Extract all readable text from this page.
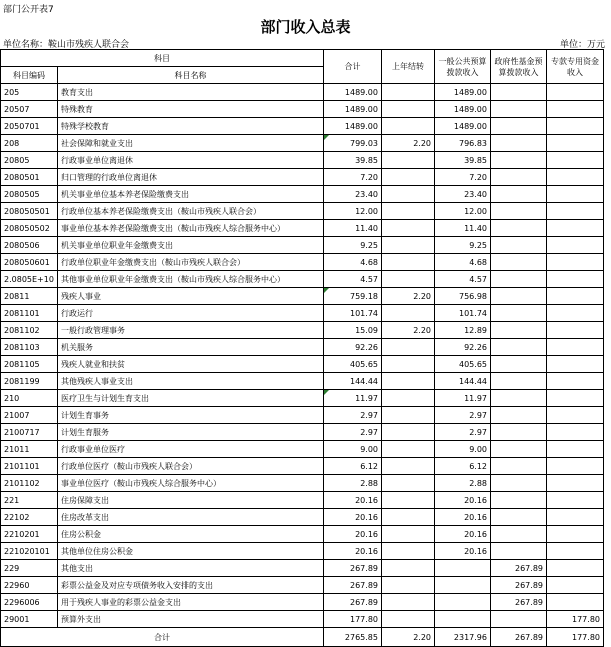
部门公开表7
部门收入总表
单位名称：鞍山市残疾人联合会	单位：万元
科目		合计	上年结转	一般公共预算拨款收入	政府性基金预算拨款收入	专款专用资金收入
科目编码	科目名称					
205	教育支出	1489.00		1489.00		
20507	特殊教育	1489.00		1489.00		
2050701	特殊学校教育	1489.00		1489.00		
208	社会保障和就业支出	799.03	2.20	796.83		
20805	行政事业单位离退休	39.85		39.85		
2080501	归口管理的行政单位离退休	7.20		7.20		
2080505	机关事业单位基本养老保险缴费支出	23.40		23.40		
208050501	行政单位基本养老保险缴费支出（鞍山市残疾人联合会）	12.00		12.00		
208050502	事业单位基本养老保险缴费支出（鞍山市残疾人综合服务中心）	11.40		11.40		
2080506	机关事业单位职业年金缴费支出	9.25		9.25		
208050601	行政单位职业年金缴费支出（鞍山市残疾人联合会）	4.68		4.68		
2.0805E+10	其他事业单位职业年金缴费支出（鞍山市残疾人综合服务中心）	4.57		4.57		
20811	残疾人事业	759.18	2.20	756.98		
2081101	行政运行	101.74		101.74		
2081102	一般行政管理事务	15.09	2.20	12.89		
2081103	机关服务	92.26		92.26		
2081105	残疾人就业和扶贫	405.65		405.65		
2081199	其他残疾人事业支出	144.44		144.44		
210	医疗卫生与计划生育支出	11.97		11.97		
21007	计划生育事务	2.97		2.97		
2100717	计划生育服务	2.97		2.97		
21011	行政事业单位医疗	9.00		9.00		
2101101	行政单位医疗（鞍山市残疾人联合会）	6.12		6.12		
2101102	事业单位医疗（鞍山市残疾人综合服务中心）	2.88		2.88		
221	住房保障支出	20.16		20.16		
22102	住房改革支出	20.16		20.16		
2210201	住房公积金	20.16		20.16		
221020101	其他单位住房公积金	20.16		20.16		
229	其他支出	267.89			267.89	
22960	彩票公益金及对应专项债务收入安排的支出	267.89			267.89	
2296006	用于残疾人事业的彩票公益金支出	267.89			267.89	
29001	预算外支出	177.80				177.80
合计		2765.85	2.20	2317.96	267.89	177.80
